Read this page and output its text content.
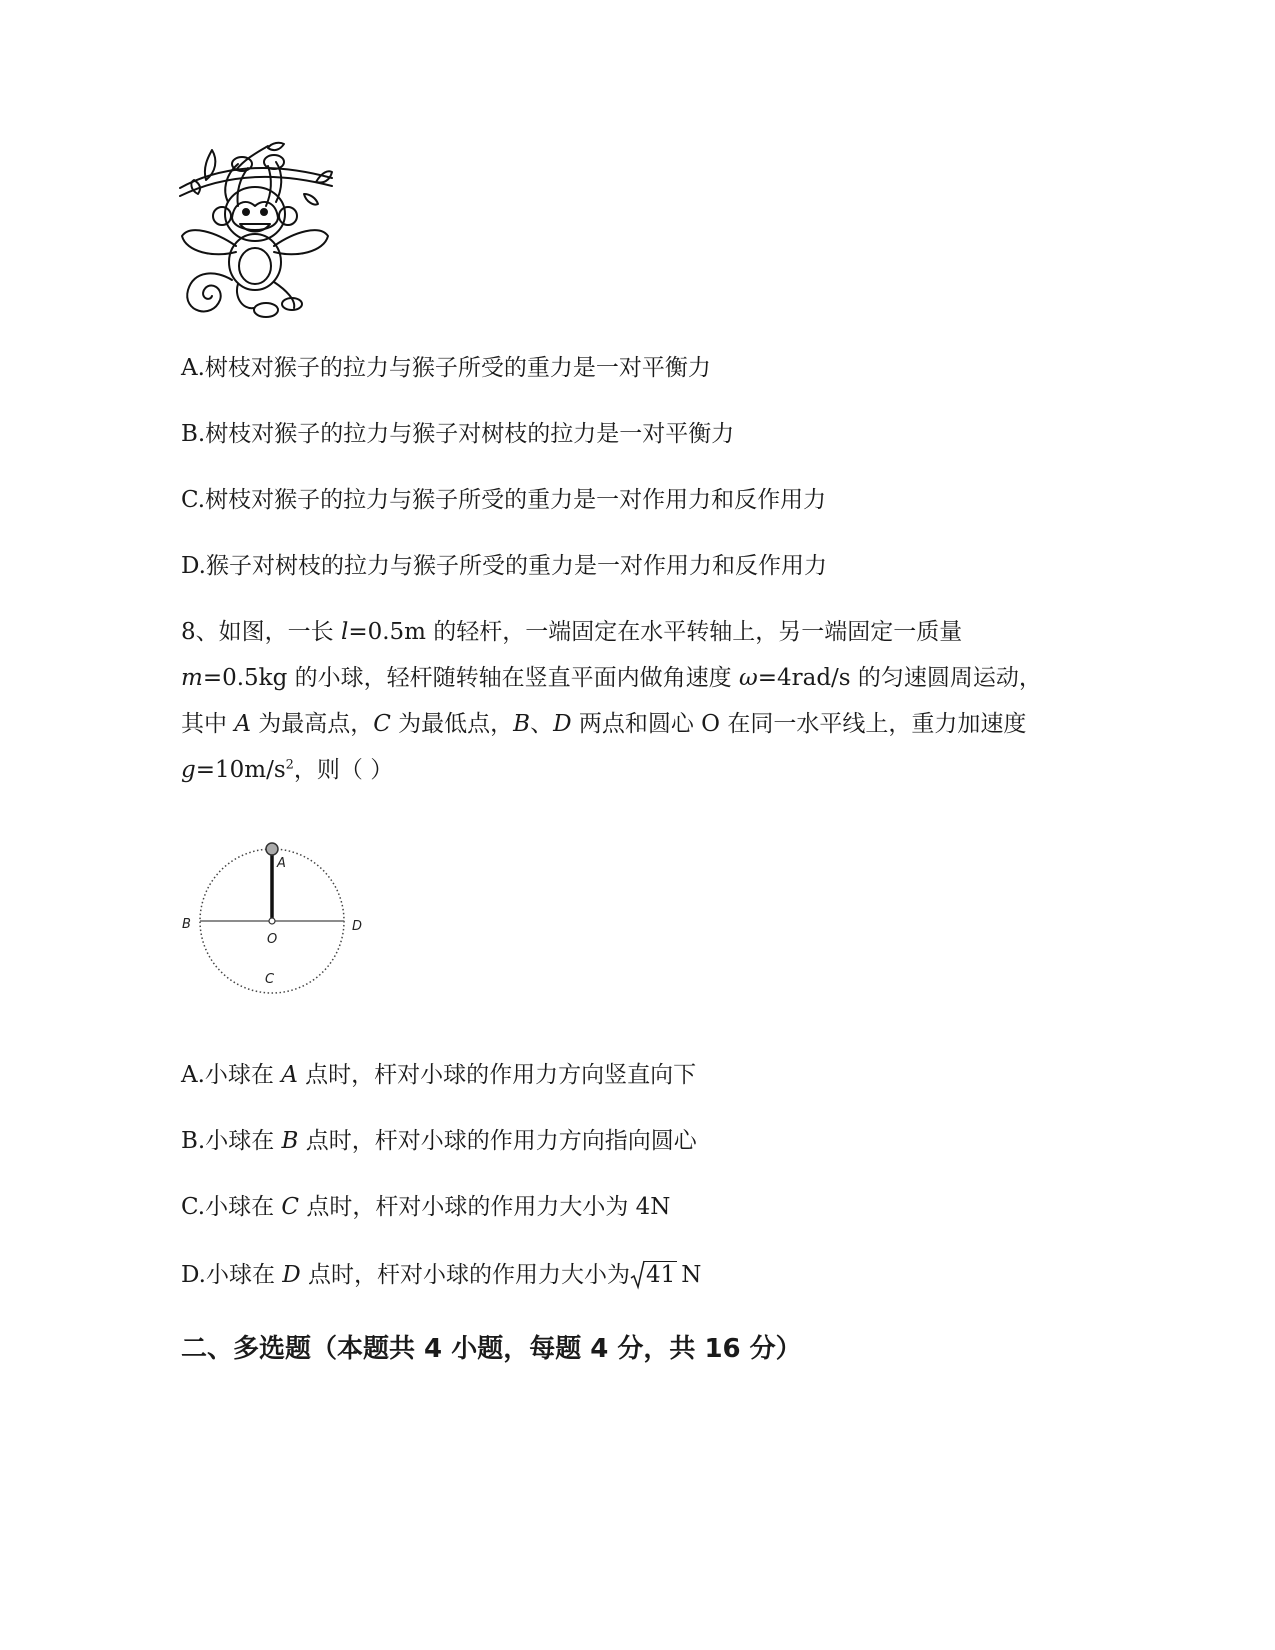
A.树枝对猴子的拉力与猴子所受的重力是一对平衡力
B.树枝对猴子的拉力与猴子对树枝的拉力是一对平衡力
C.树枝对猴子的拉力与猴子所受的重力是一对作用力和反作用力
D.猴子对树枝的拉力与猴子所受的重力是一对作用力和反作用力
8、如图，一长 l=0.5m 的轻杆，一端固定在水平转轴上，另一端固定一质量
m=0.5kg 的小球，轻杆随转轴在竖直平面内做角速度 ω=4rad/s 的匀速圆周运动，
其中 A 为最高点，C 为最低点，B、D 两点和圆心 O 在同一水平线上，重力加速度
$g=10m/s^2$，则（ ）
A
B
O
D
C
A.小球在 A 点时，杆对小球的作用力方向竖直向下
B.小球在 B 点时，杆对小球的作用力方向指向圆心
C.小球在 C 点时，杆对小球的作用力大小为 4N
D.小球在 D 点时，杆对小球的作用力大小为 41 N
二、多选题（本题共 4 小题，每题 4 分，共 16 分）
